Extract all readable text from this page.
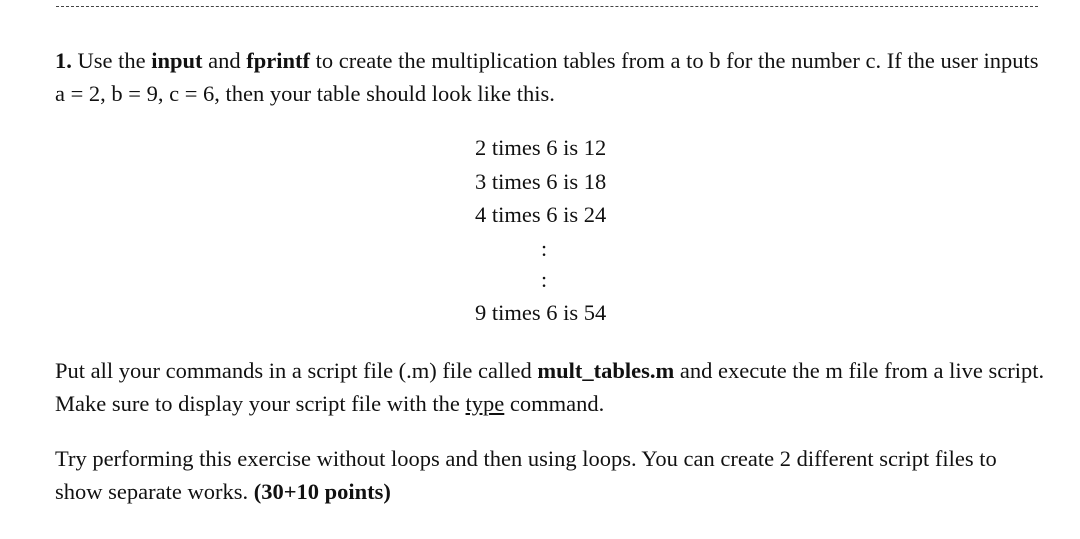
1. Use the input and fprintf to create the multiplication tables from a to b for the number c. If the user inputs a = 2, b = 9, c = 6, then your table should look like this.

2 times 6 is 12
3 times 6 is 18
4 times 6 is 24
:
:
9 times 6 is 54

Put all your commands in a script file (.m) file called mult_tables.m and execute the m file from a live script. Make sure to display your script file with the type command.

Try performing this exercise without loops and then using loops. You can create 2 different script files to show separate works. (30+10 points)
